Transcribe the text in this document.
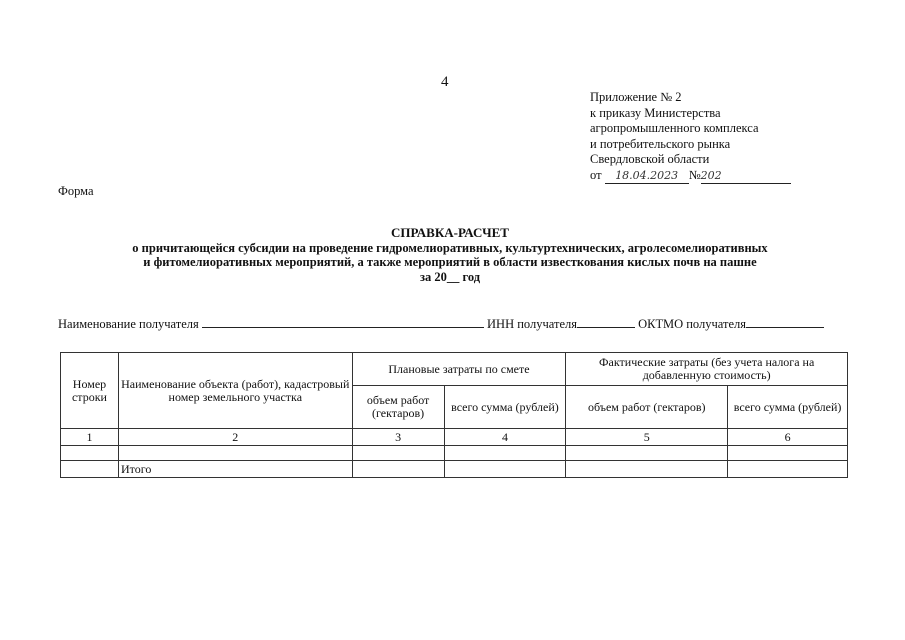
4
Приложение № 2
к приказу Министерства
агропромышленного комплекса
и потребительского рынка
Свердловской области
от 18.04.2023 №202
Форма
СПРАВКА-РАСЧЕТ
о причитающейся субсидии на проведение гидромелиоративных, культуртехнических, агролесомелиоративных
и фитомелиоративных мероприятий, а также мероприятий в области известкования кислых почв на пашне
за 20__ год
Наименование получателя	ИНН получателя	ОКТМО получателя
Номер строки	Наименование объекта (работ), кадастровый номер земельного участка	Плановые затраты по смете		Фактические затраты (без учета налога на добавленную стоимость)	
		объем работ (гектаров)	всего сумма (рублей)	объем работ (гектаров)	всего сумма (рублей)
1	2	3	4	5	6

	Итого				
